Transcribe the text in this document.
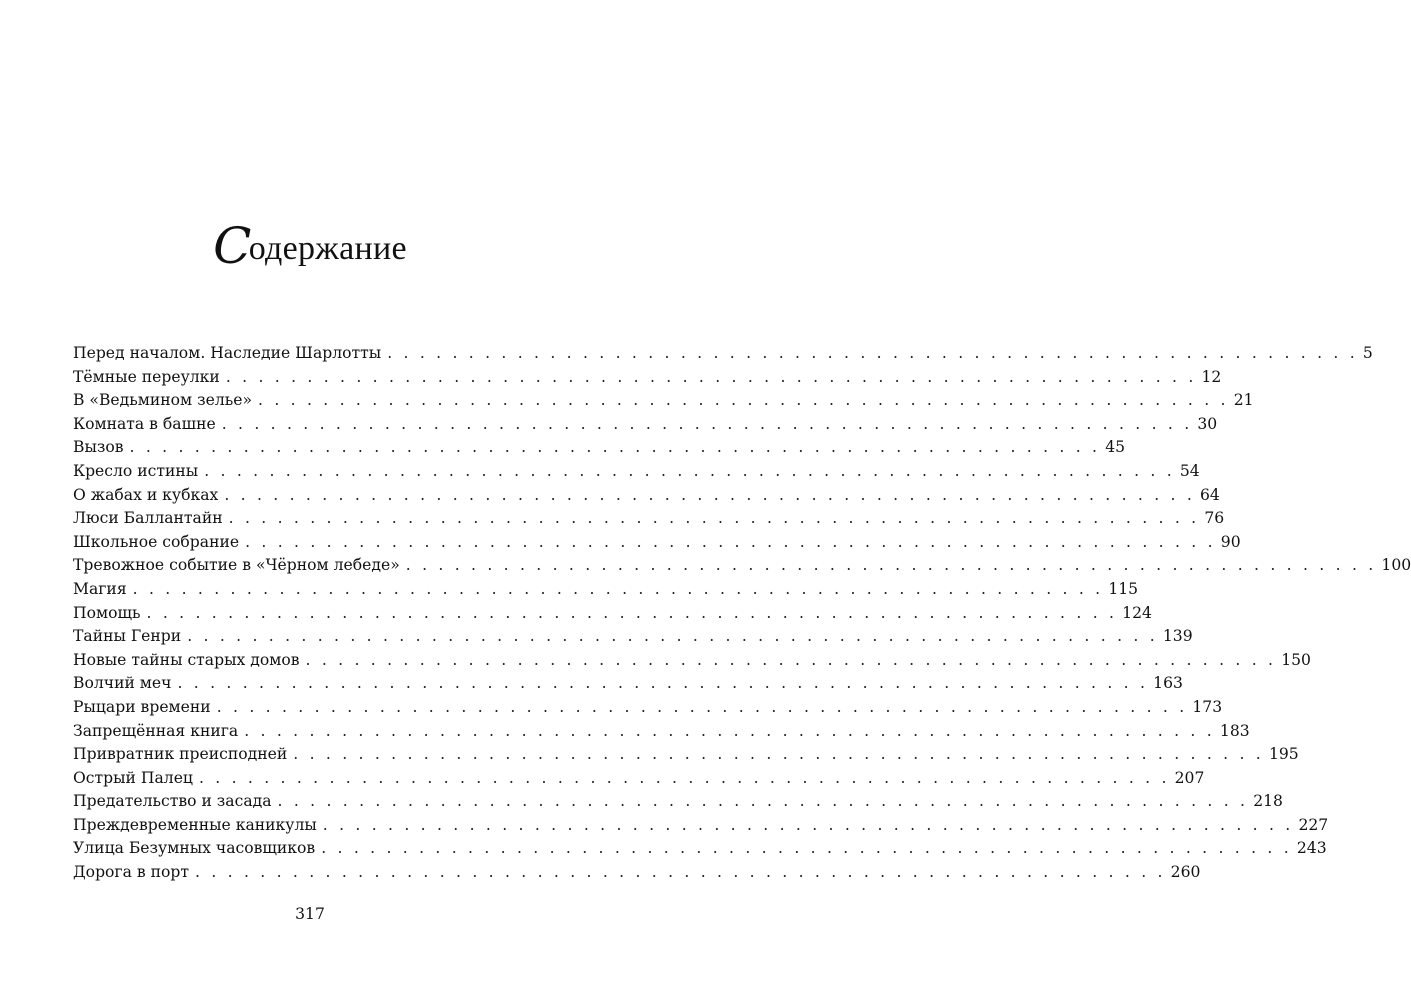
Содержание
Перед началом. Наследие Шарлотты . . . . . . . . . . . . . . . . . . . . . . . . . . . . . . . . . . . . . . . . . . . . . . . . . . . . . . . . . . . . 5
Тёмные переулки . . . . . . . . . . . . . . . . . . . . . . . . . . . . . . . . . . . . . . . . . . . . . . . . . . . . . . . . . . . . 12
В «Ведьмином зелье» . . . . . . . . . . . . . . . . . . . . . . . . . . . . . . . . . . . . . . . . . . . . . . . . . . . . . . . . . . . . 21
Комната в башне . . . . . . . . . . . . . . . . . . . . . . . . . . . . . . . . . . . . . . . . . . . . . . . . . . . . . . . . . . . . 30
Вызов . . . . . . . . . . . . . . . . . . . . . . . . . . . . . . . . . . . . . . . . . . . . . . . . . . . . . . . . . . . . 45
Кресло истины . . . . . . . . . . . . . . . . . . . . . . . . . . . . . . . . . . . . . . . . . . . . . . . . . . . . . . . . . . . . 54
О жабах и кубках . . . . . . . . . . . . . . . . . . . . . . . . . . . . . . . . . . . . . . . . . . . . . . . . . . . . . . . . . . . . 64
Люси Баллантайн . . . . . . . . . . . . . . . . . . . . . . . . . . . . . . . . . . . . . . . . . . . . . . . . . . . . . . . . . . . . 76
Школьное собрание . . . . . . . . . . . . . . . . . . . . . . . . . . . . . . . . . . . . . . . . . . . . . . . . . . . . . . . . . . . . 90
Тревожное событие в «Чёрном лебеде» . . . . . . . . . . . . . . . . . . . . . . . . . . . . . . . . . . . . . . . . . . . . . . . . . . . . . . . . . . . . 100
Магия . . . . . . . . . . . . . . . . . . . . . . . . . . . . . . . . . . . . . . . . . . . . . . . . . . . . . . . . . . . . 115
Помощь . . . . . . . . . . . . . . . . . . . . . . . . . . . . . . . . . . . . . . . . . . . . . . . . . . . . . . . . . . . . 124
Тайны Генри . . . . . . . . . . . . . . . . . . . . . . . . . . . . . . . . . . . . . . . . . . . . . . . . . . . . . . . . . . . . 139
Новые тайны старых домов . . . . . . . . . . . . . . . . . . . . . . . . . . . . . . . . . . . . . . . . . . . . . . . . . . . . . . . . . . . . 150
Волчий меч . . . . . . . . . . . . . . . . . . . . . . . . . . . . . . . . . . . . . . . . . . . . . . . . . . . . . . . . . . . . 163
Рыцари времени . . . . . . . . . . . . . . . . . . . . . . . . . . . . . . . . . . . . . . . . . . . . . . . . . . . . . . . . . . . . 173
Запрещённая книга . . . . . . . . . . . . . . . . . . . . . . . . . . . . . . . . . . . . . . . . . . . . . . . . . . . . . . . . . . . . 183
Привратник преисподней . . . . . . . . . . . . . . . . . . . . . . . . . . . . . . . . . . . . . . . . . . . . . . . . . . . . . . . . . . . . 195
Острый Палец . . . . . . . . . . . . . . . . . . . . . . . . . . . . . . . . . . . . . . . . . . . . . . . . . . . . . . . . . . . . 207
Предательство и засада . . . . . . . . . . . . . . . . . . . . . . . . . . . . . . . . . . . . . . . . . . . . . . . . . . . . . . . . . . . . 218
Преждевременные каникулы . . . . . . . . . . . . . . . . . . . . . . . . . . . . . . . . . . . . . . . . . . . . . . . . . . . . . . . . . . . . 227
Улица Безумных часовщиков . . . . . . . . . . . . . . . . . . . . . . . . . . . . . . . . . . . . . . . . . . . . . . . . . . . . . . . . . . . . 243
Дорога в порт . . . . . . . . . . . . . . . . . . . . . . . . . . . . . . . . . . . . . . . . . . . . . . . . . . . . . . . . . . . . 260
317
